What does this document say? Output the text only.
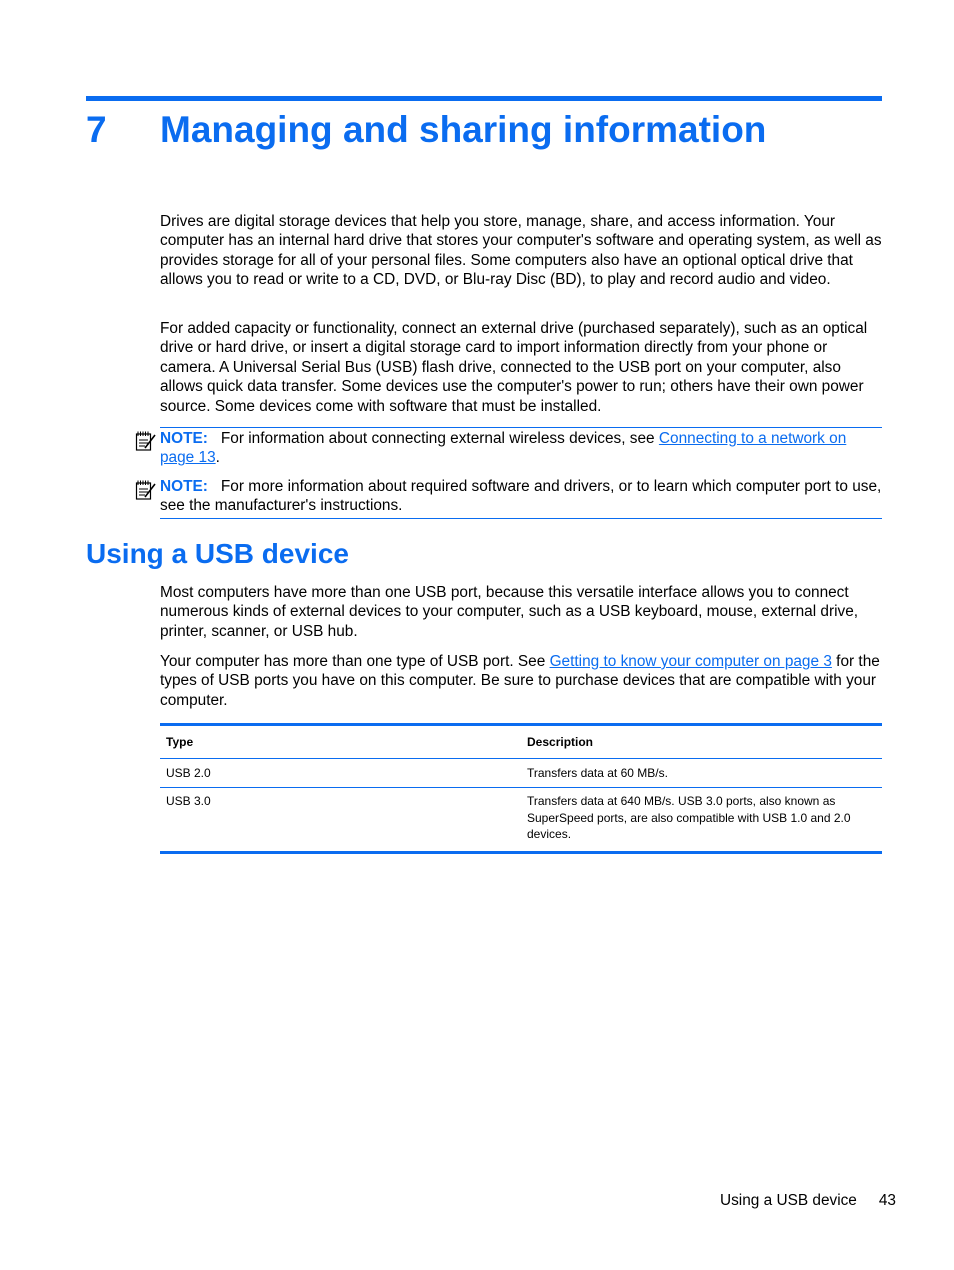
7 Managing and sharing information

Drives are digital storage devices that help you store, manage, share, and access information. Your computer has an internal hard drive that stores your computer's software and operating system, as well as provides storage for all of your personal files. Some computers also have an optional optical drive that allows you to read or write to a CD, DVD, or Blu-ray Disc (BD), to play and record audio and video.

For added capacity or functionality, connect an external drive (purchased separately), such as an optical drive or hard drive, or insert a digital storage card to import information directly from your phone or camera. A Universal Serial Bus (USB) flash drive, connected to the USB port on your computer, also allows quick data transfer. Some devices use the computer's power to run; others have their own power source. Some devices come with software that must be installed.

NOTE: For information about connecting external wireless devices, see Connecting to a network on page 13.
NOTE: For more information about required software and drivers, or to learn which computer port to use, see the manufacturer's instructions.
Using a USB device

Most computers have more than one USB port, because this versatile interface allows you to connect numerous kinds of external devices to your computer, such as a USB keyboard, mouse, external drive, printer, scanner, or USB hub.

Your computer has more than one type of USB port. See Getting to know your computer on page 3 for the types of USB ports you have on this computer. Be sure to purchase devices that are compatible with your computer.

Type	Description
USB 2.0	Transfers data at 60 MB/s.
USB 3.0	Transfers data at 640 MB/s. USB 3.0 ports, also known as SuperSpeed ports, are also compatible with USB 1.0 and 2.0 devices.
Using a USB device 43
